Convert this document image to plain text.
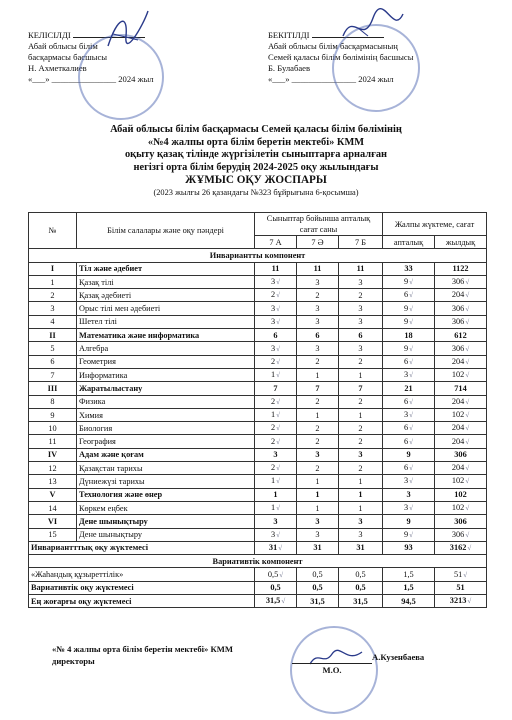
КЕЛІСІЛДІ
Абай облысы білім
басқармасы басшысы
Н. Ахметкалиев
«___» _______________ 2024 жыл
БЕКІТІЛДІ
Абай облысы білім басқармасының
Семей қаласы білім бөлімінің басшысы
Б. Булабаев
«___» _______________ 2024 жыл
Абай облысы білім басқармасы Семей қаласы білім бөлімінің
«№4 жалпы орта білім беретін мектебі» КММ
оқыту қазақ тілінде жүргізілетін сыныптарға арналған
негізгі орта білім берудің 2024-2025 оқу жылындағы
ЖҰМЫС ОҚУ ЖОСПАРЫ
(2023 жылғы 26 қазандағы №323 бұйрығына 6-қосымша)
№	Білім салалары және оқу пәндері	Сыныптар бойынша апталық сағат саны			Жалпы жүктеме, сағат	
		7 А	7 Ә	7 Б	апталық	жылдық
Инвариантты компонент						
I	Тіл және әдебиет	11	11	11	33	1122
1	Қазақ тілі	3√	3	3	9√	306√
2	Қазақ әдебиеті	2√	2	2	6√	204√
3	Орыс тілі мен әдебиеті	3√	3	3	9√	306√
4	Шетел тілі	3√	3	3	9√	306√
II	Математика және информатика	6	6	6	18	612
5	Алгебра	3√	3	3	9√	306√
6	Геометрия	2√	2	2	6√	204√
7	Информатика	1√	1	1	3√	102√
III	Жаратылыстану	7	7	7	21	714
8	Физика	2√	2	2	6√	204√
9	Химия	1√	1	1	3√	102√
10	Биология	2√	2	2	6√	204√
11	География	2√	2	2	6√	204√
IV	Адам және қоғам	3	3	3	9	306
12	Қазақстан тарихы	2√	2	2	6√	204√
13	Дүниежүзі тарихы	1√	1	1	3√	102√
V	Технология және өнер	1	1	1	3	102
14	Көркем еңбек	1√	1	1	3√	102√
VI	Дене шынықтыру	3	3	3	9	306
15	Дене шынықтыру	3√	3	3	9√	306√
Инвариантттық оқу жүктемесі		31√	31	31	93	3162√
Вариативтік компонент						
«Жаһандық құзыреттілік»		0,5√	0,5	0,5	1,5	51√
Вариативтік оқу жүктемесі		0,5	0,5	0,5	1,5	51
Ең жоғарғы оқу жүктемесі		31,5√	31,5	31,5	94,5	3213√
«№ 4 жалпы орта білім беретін мектебі» КММ
директоры
М.О.
А.Кузенбаева
